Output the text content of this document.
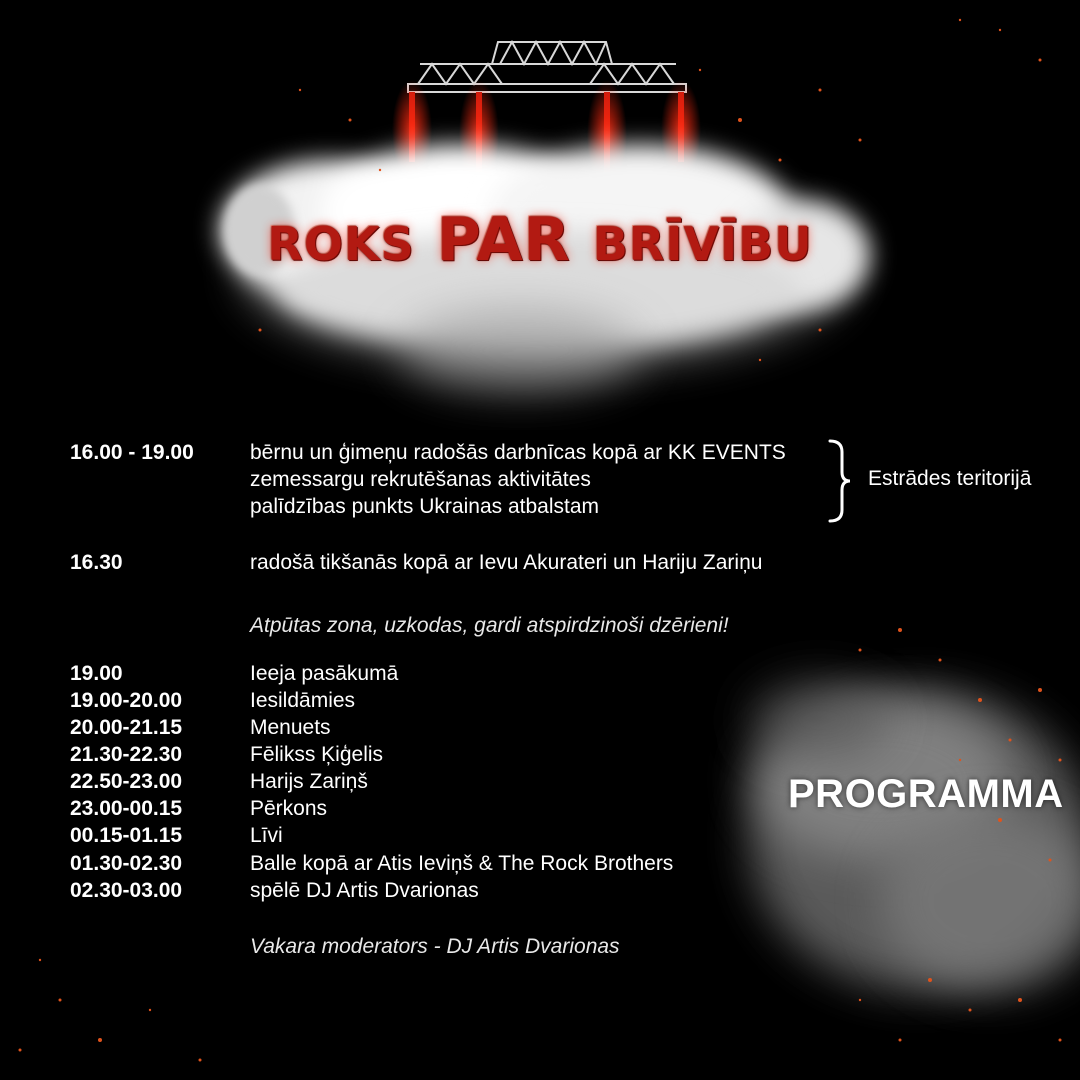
ROKS PAR BRĪVĪBU
16.00 - 19.00	bērnu un ģimeņu radošās darbnīcas kopā ar KK EVENTS
zemessargu rekrutēšanas aktivitātes
palīdzības punkts Ukrainas atbalstam
Estrādes teritorijā
16.30	radošā tikšanās kopā ar Ievu Akurateri un Hariju Zariņu
Atpūtas zona, uzkodas, gardi atspirdzinoši dzērieni!
19.00	Ieeja pasākumā
19.00-20.00	Iesildāmies
20.00-21.15	Menuets
21.30-22.30	Fēlikss Ķiģelis
22.50-23.00	Harijs Zariņš
23.00-00.15	Pērkons
00.15-01.15	Līvi
01.30-02.30	Balle kopā ar Atis Ieviņš & The Rock Brothers
02.30-03.00	spēlē DJ Artis Dvarionas
Vakara moderators - DJ Artis Dvarionas
PROGRAMMA
